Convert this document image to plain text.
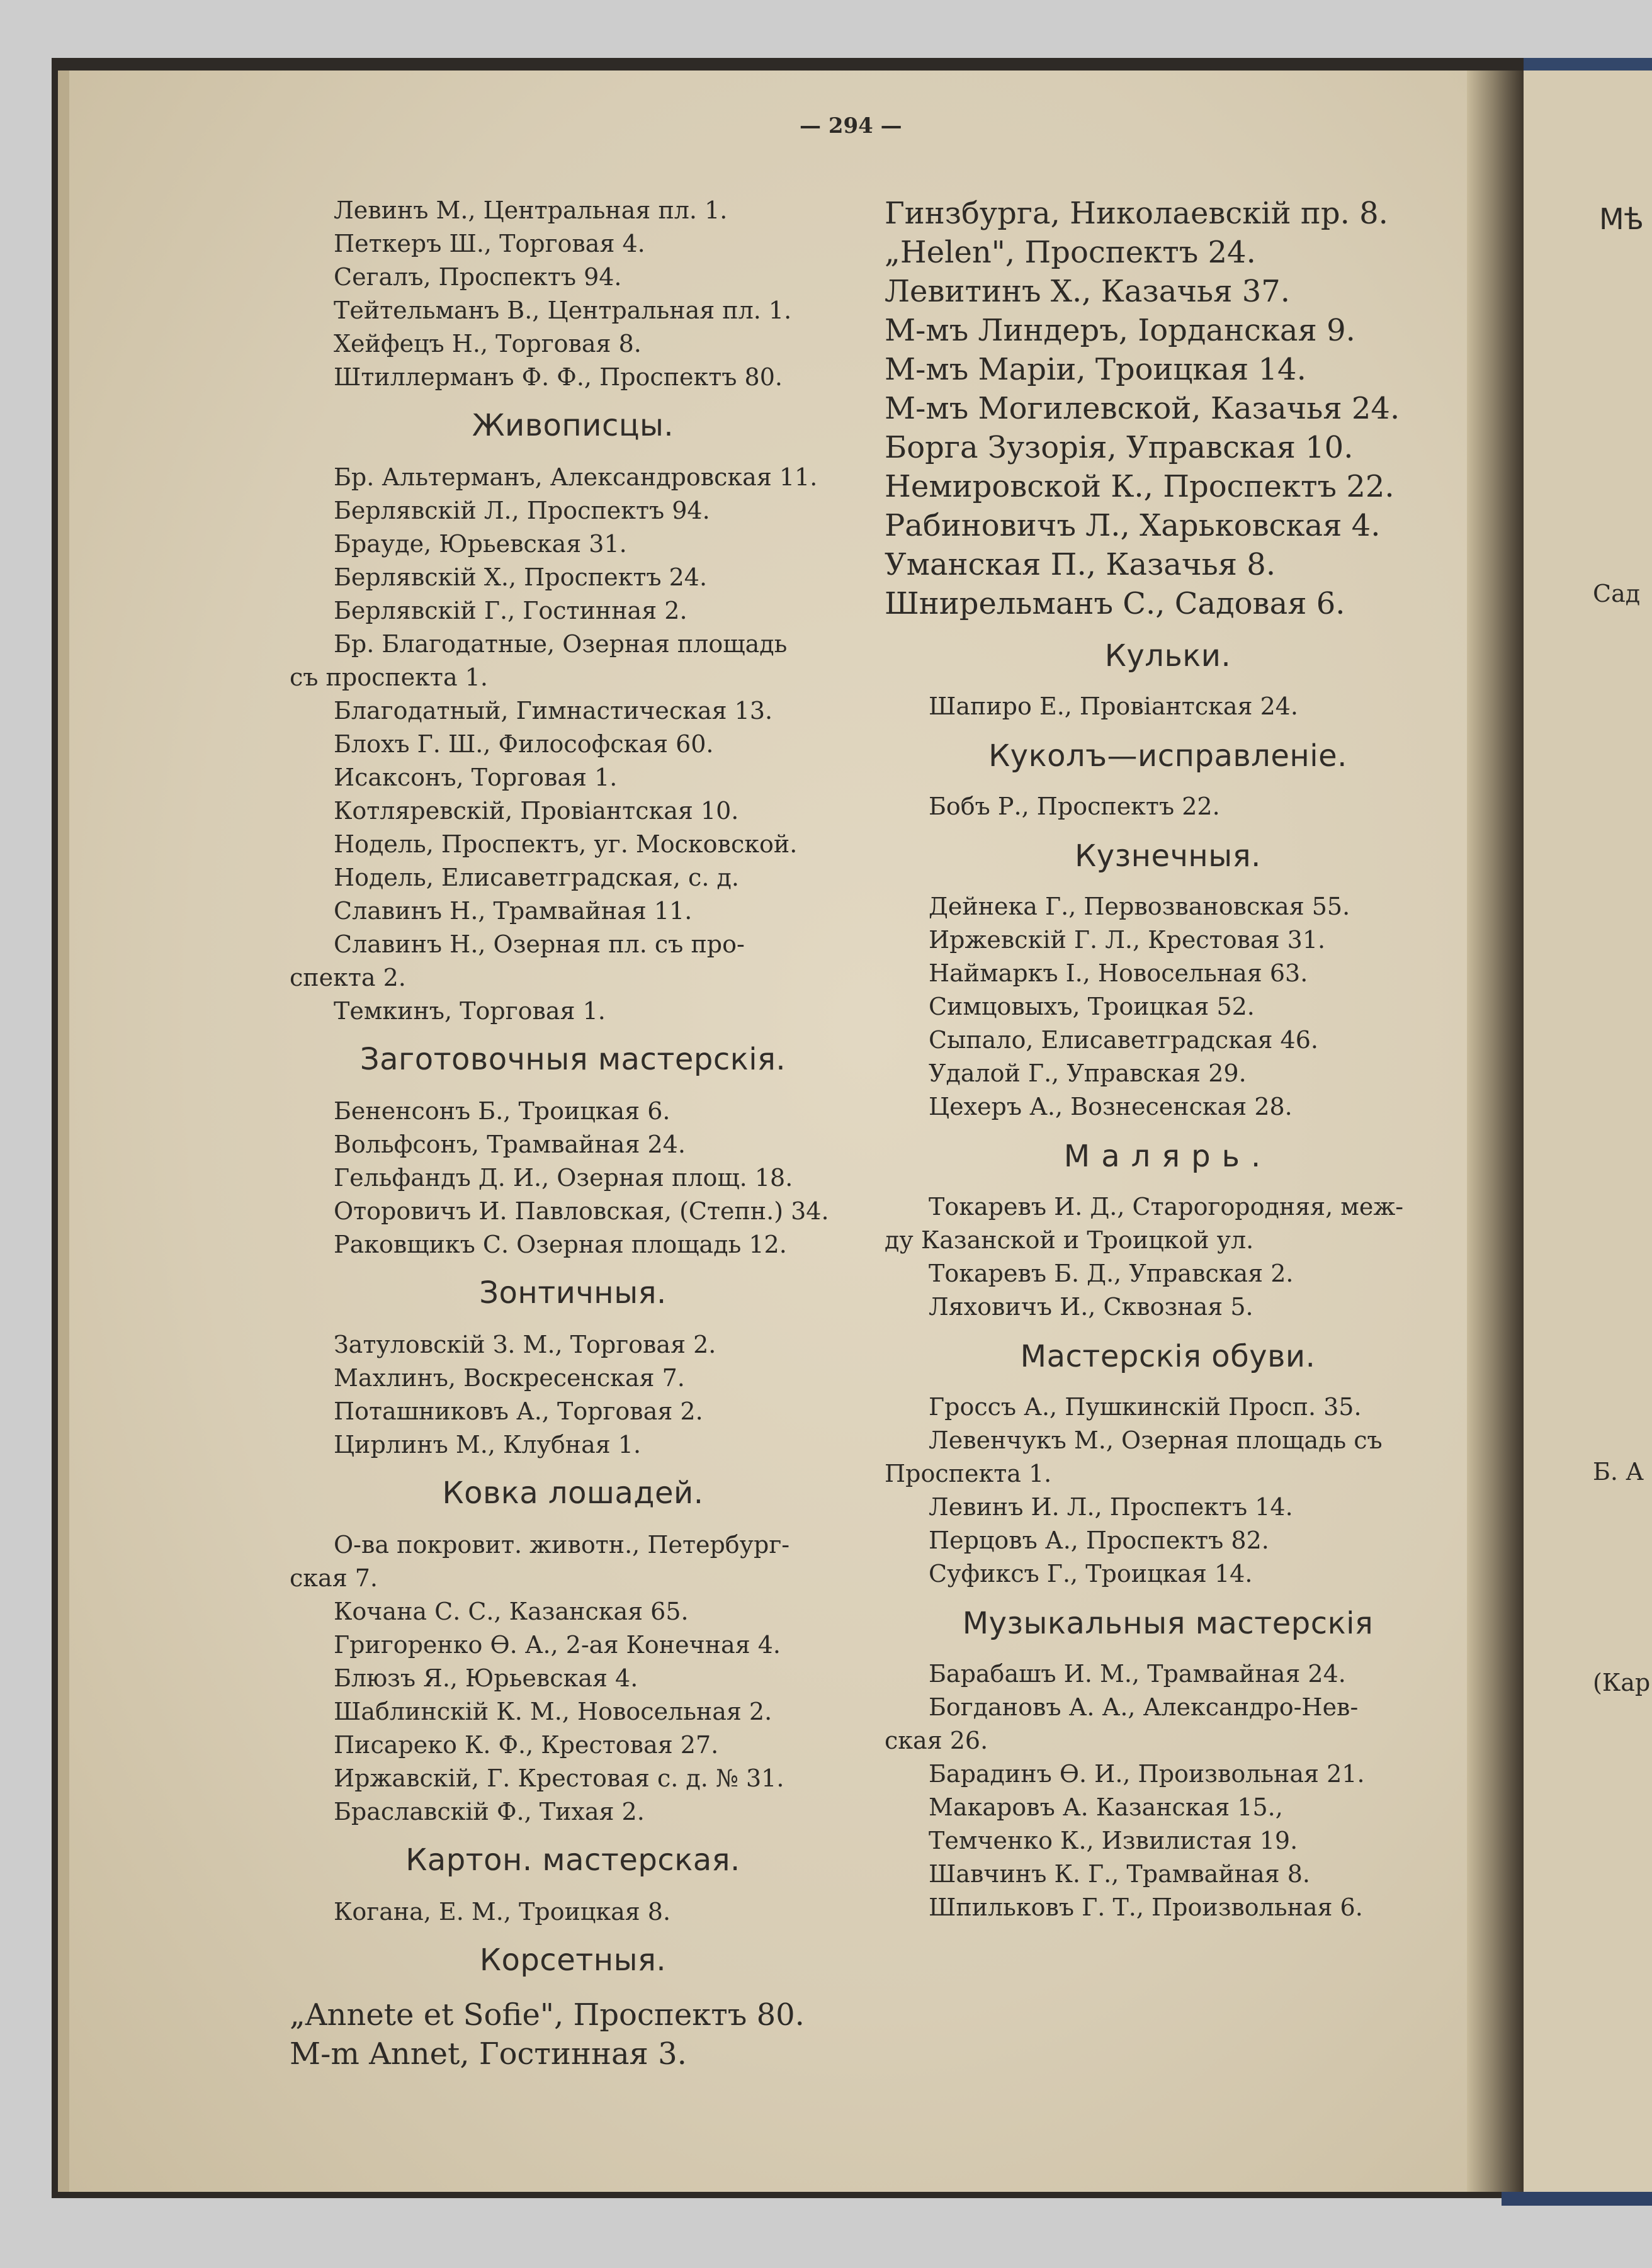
Мѣ
Сад
Б. А
(Кар
— 294 —
Левинъ М., Центральная пл. 1.
Петкеръ Ш., Торговая 4.
Сегалъ, Проспектъ 94.
Тейтельманъ В., Центральная пл. 1.
Хейфецъ Н., Торговая 8.
Штиллерманъ Ф. Ф., Проспектъ 80.
Живописцы.
Бр. Альтерманъ, Александровская 11.
Берлявскій Л., Проспектъ 94.
Брауде, Юрьевская 31.
Берлявскій Х., Проспектъ 24.
Берлявскій Г., Гостинная 2.
Бр. Благодатные, Озерная площадь
съ проспекта 1.
Благодатный, Гимнастическая 13.
Блохъ Г. Ш., Философская 60.
Исаксонъ, Торговая 1.
Котляревскій, Провіантская 10.
Нодель, Проспектъ, уг. Московской.
Нодель, Елисаветградская, с. д.
Славинъ Н., Трамвайная 11.
Славинъ Н., Озерная пл. съ про-
спекта 2.
Темкинъ, Торговая 1.
Заготовочныя мастерскія.
Бененсонъ Б., Троицкая 6.
Вольфсонъ, Трамвайная 24.
Гельфандъ Д. И., Озерная площ. 18.
Оторовичъ И. Павловская, (Степн.) 34.
Раковщикъ С. Озерная площадь 12.
Зонтичныя.
Затуловскій З. М., Торговая 2.
Махлинъ, Воскресенская 7.
Поташниковъ А., Торговая 2.
Цирлинъ М., Клубная 1.
Ковка лошадей.
О-ва покровит. животн., Петербург-
ская 7.
Кочана С. С., Казанская 65.
Григоренко Ѳ. А., 2-ая Конечная 4.
Блюзъ Я., Юрьевская 4.
Шаблинскій К. М., Новосельная 2.
Писареко К. Ф., Крестовая 27.
Иржавскій, Г. Крестовая с. д. № 31.
Браславскій Ф., Тихая 2.
Картон. мастерская.
Когана, Е. М., Троицкая 8.
Корсетныя.
„Annete et Sofie", Проспектъ 80.
M-m Annet, Гостинная 3.
Гинзбурга, Николаевскій пр. 8.
„Helen", Проспектъ 24.
Левитинъ Х., Казачья 37.
М-мъ Линдеръ, Іорданская 9.
М-мъ Маріи, Троицкая 14.
М-мъ Могилевской, Казачья 24.
Борга Зузорія, Управская 10.
Немировской К., Проспектъ 22.
Рабиновичъ Л., Харьковская 4.
Уманская П., Казачья 8.
Шнирельманъ С., Садовая 6.
Кульки.
Шапиро Е., Провіантская 24.
Куколъ—исправленіе.
Бобъ Р., Проспектъ 22.
Кузнечныя.
Дейнека Г., Первозвановская 55.
Иржевскій Г. Л., Крестовая 31.
Наймаркъ І., Новосельная 63.
Симцовыхъ, Троицкая 52.
Сыпало, Елисаветградская 46.
Удалой Г., Управская 29.
Цехеръ А., Вознесенская 28.
Малярь.
Токаревъ И. Д., Старогородняя, меж-
ду Казанской и Троицкой ул.
Токаревъ Б. Д., Управская 2.
Ляховичъ И., Сквозная 5.
Мастерскія обуви.
Гроссъ А., Пушкинскій Просп. 35.
Левенчукъ М., Озерная площадь съ
Проспекта 1.
Левинъ И. Л., Проспектъ 14.
Перцовъ А., Проспектъ 82.
Суфиксъ Г., Троицкая 14.
Музыкальныя мастерскія
Барабашъ И. М., Трамвайная 24.
Богдановъ А. А., Александро-Нев-
ская 26.
Барадинъ Ѳ. И., Произвольная 21.
Макаровъ А. Казанская 15.,
Темченко К., Извилистая 19.
Шавчинъ К. Г., Трамвайная 8.
Шпильковъ Г. Т., Произвольная 6.
